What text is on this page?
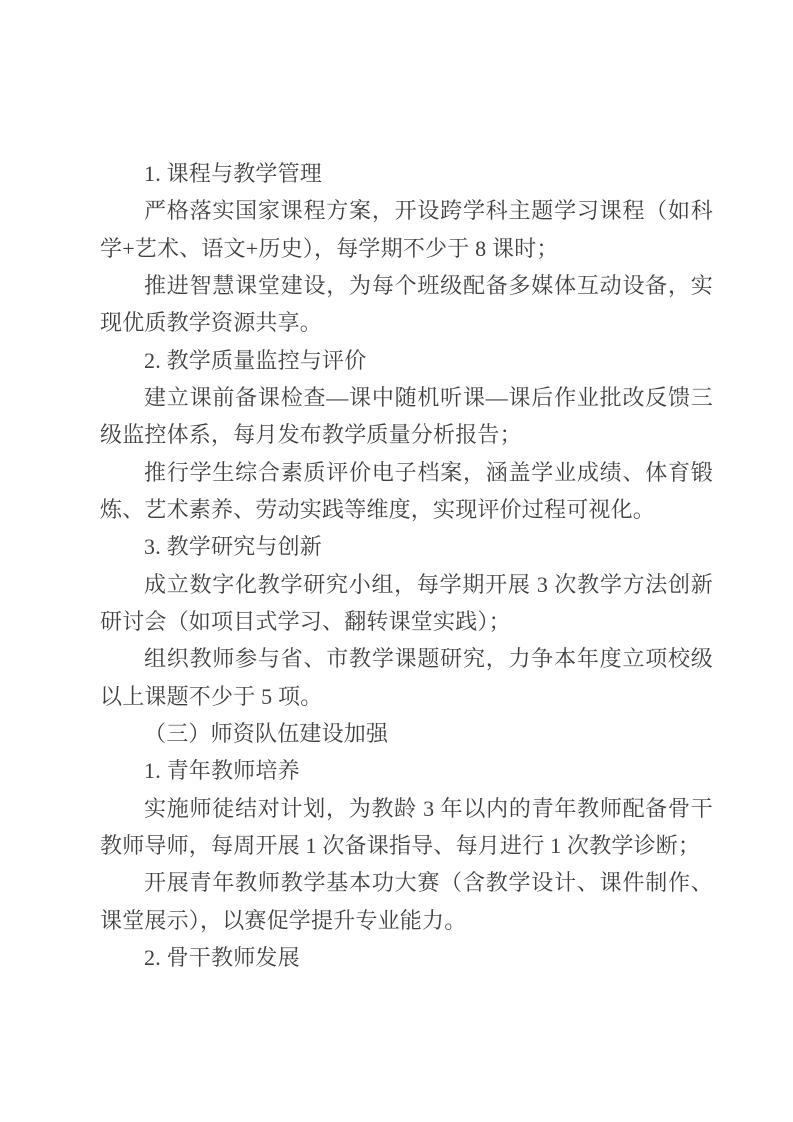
1. 课程与教学管理
严格落实国家课程方案，开设跨学科主题学习课程（如科
学+艺术、语文+历史），每学期不少于 8 课时；
推进智慧课堂建设，为每个班级配备多媒体互动设备，实
现优质教学资源共享。
2. 教学质量监控与评价
建立课前备课检查—课中随机听课—课后作业批改反馈三
级监控体系，每月发布教学质量分析报告；
推行学生综合素质评价电子档案，涵盖学业成绩、体育锻
炼、艺术素养、劳动实践等维度，实现评价过程可视化。
3. 教学研究与创新
成立数字化教学研究小组，每学期开展 3 次教学方法创新
研讨会（如项目式学习、翻转课堂实践）；
组织教师参与省、市教学课题研究，力争本年度立项校级
以上课题不少于 5 项。
（三）师资队伍建设加强
1. 青年教师培养
实施师徒结对计划，为教龄 3 年以内的青年教师配备骨干
教师导师，每周开展 1 次备课指导、每月进行 1 次教学诊断；
开展青年教师教学基本功大赛（含教学设计、课件制作、
课堂展示），以赛促学提升专业能力。
2. 骨干教师发展
